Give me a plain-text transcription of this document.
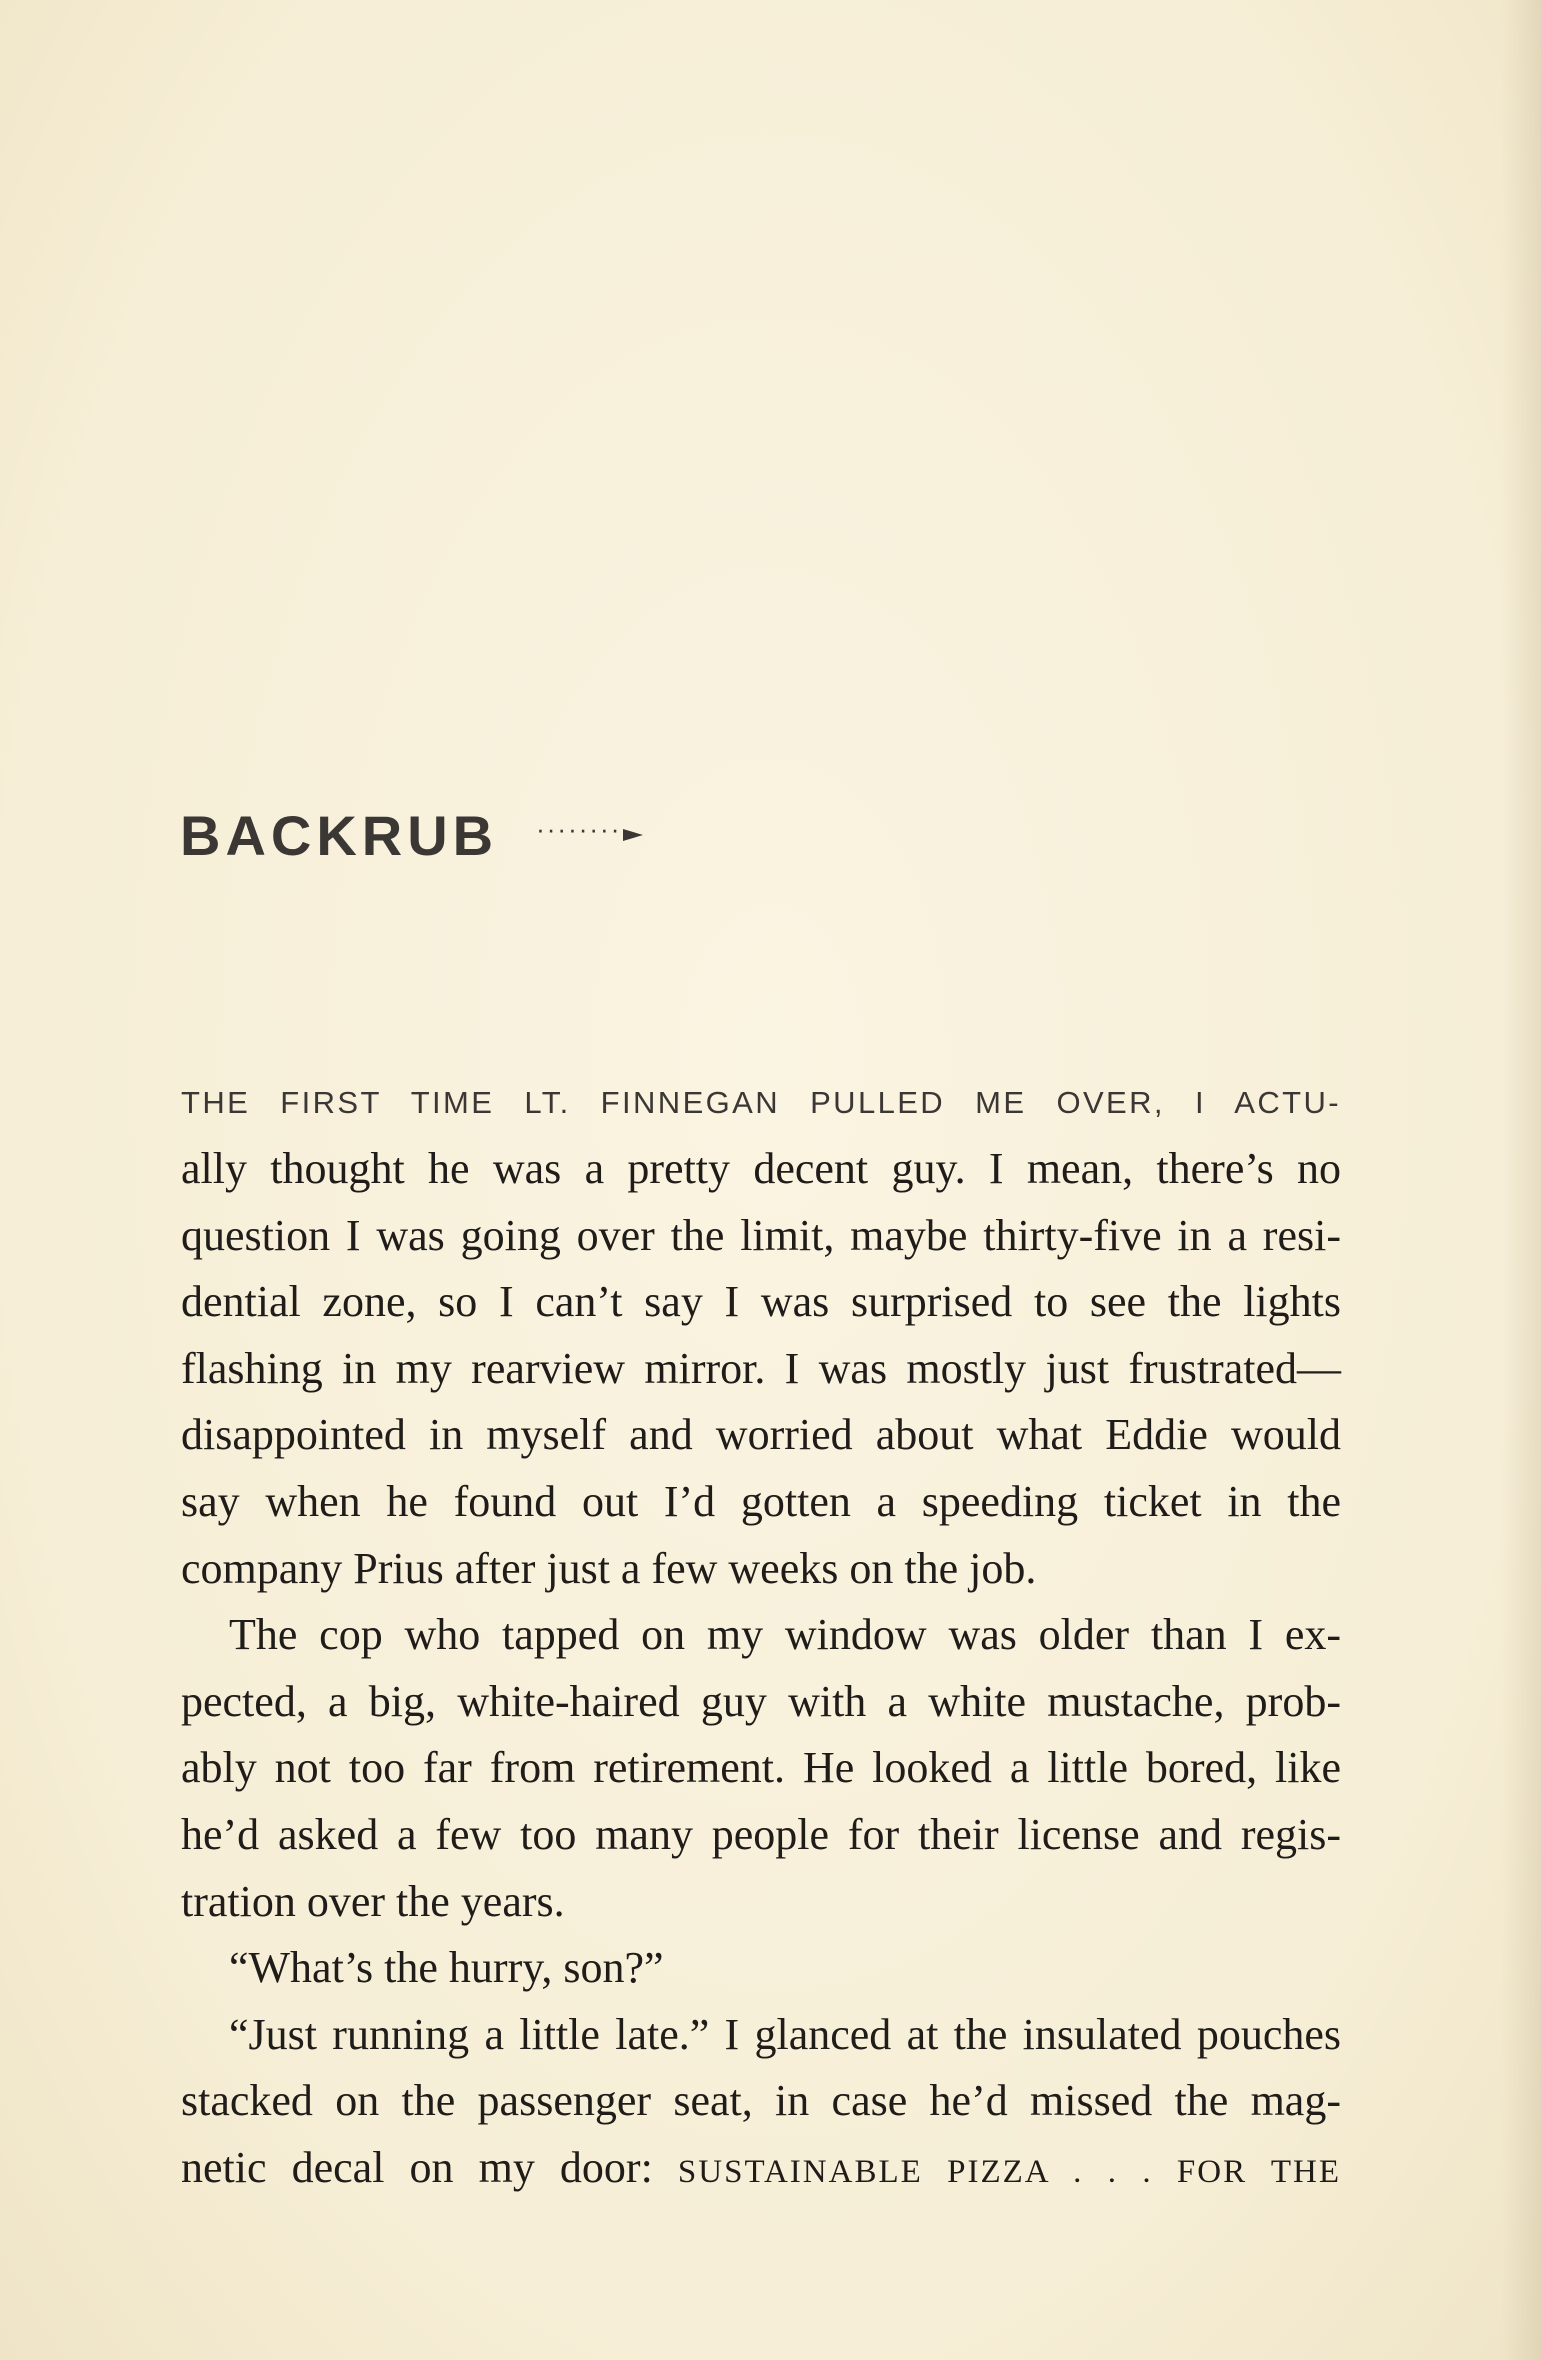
BACKRUB ········
THE FIRST TIME LT. FINNEGAN PULLED ME OVER, I ACTU-
ally thought he was a pretty decent guy. I mean, there’s no
question I was going over the limit, maybe thirty-five in a resi-
dential zone, so I can’t say I was surprised to see the lights
flashing in my rearview mirror. I was mostly just frustrated—
disappointed in myself and worried about what Eddie would
say when he found out I’d gotten a speeding ticket in the
company Prius after just a few weeks on the job.
The cop who tapped on my window was older than I ex-
pected, a big, white-haired guy with a white mustache, prob-
ably not too far from retirement. He looked a little bored, like
he’d asked a few too many people for their license and regis-
tration over the years.
“What’s the hurry, son?”
“Just running a little late.” I glanced at the insulated pouches
stacked on the passenger seat, in case he’d missed the mag-
netic decal on my door: SUSTAINABLE PIZZA . . . FOR THE
